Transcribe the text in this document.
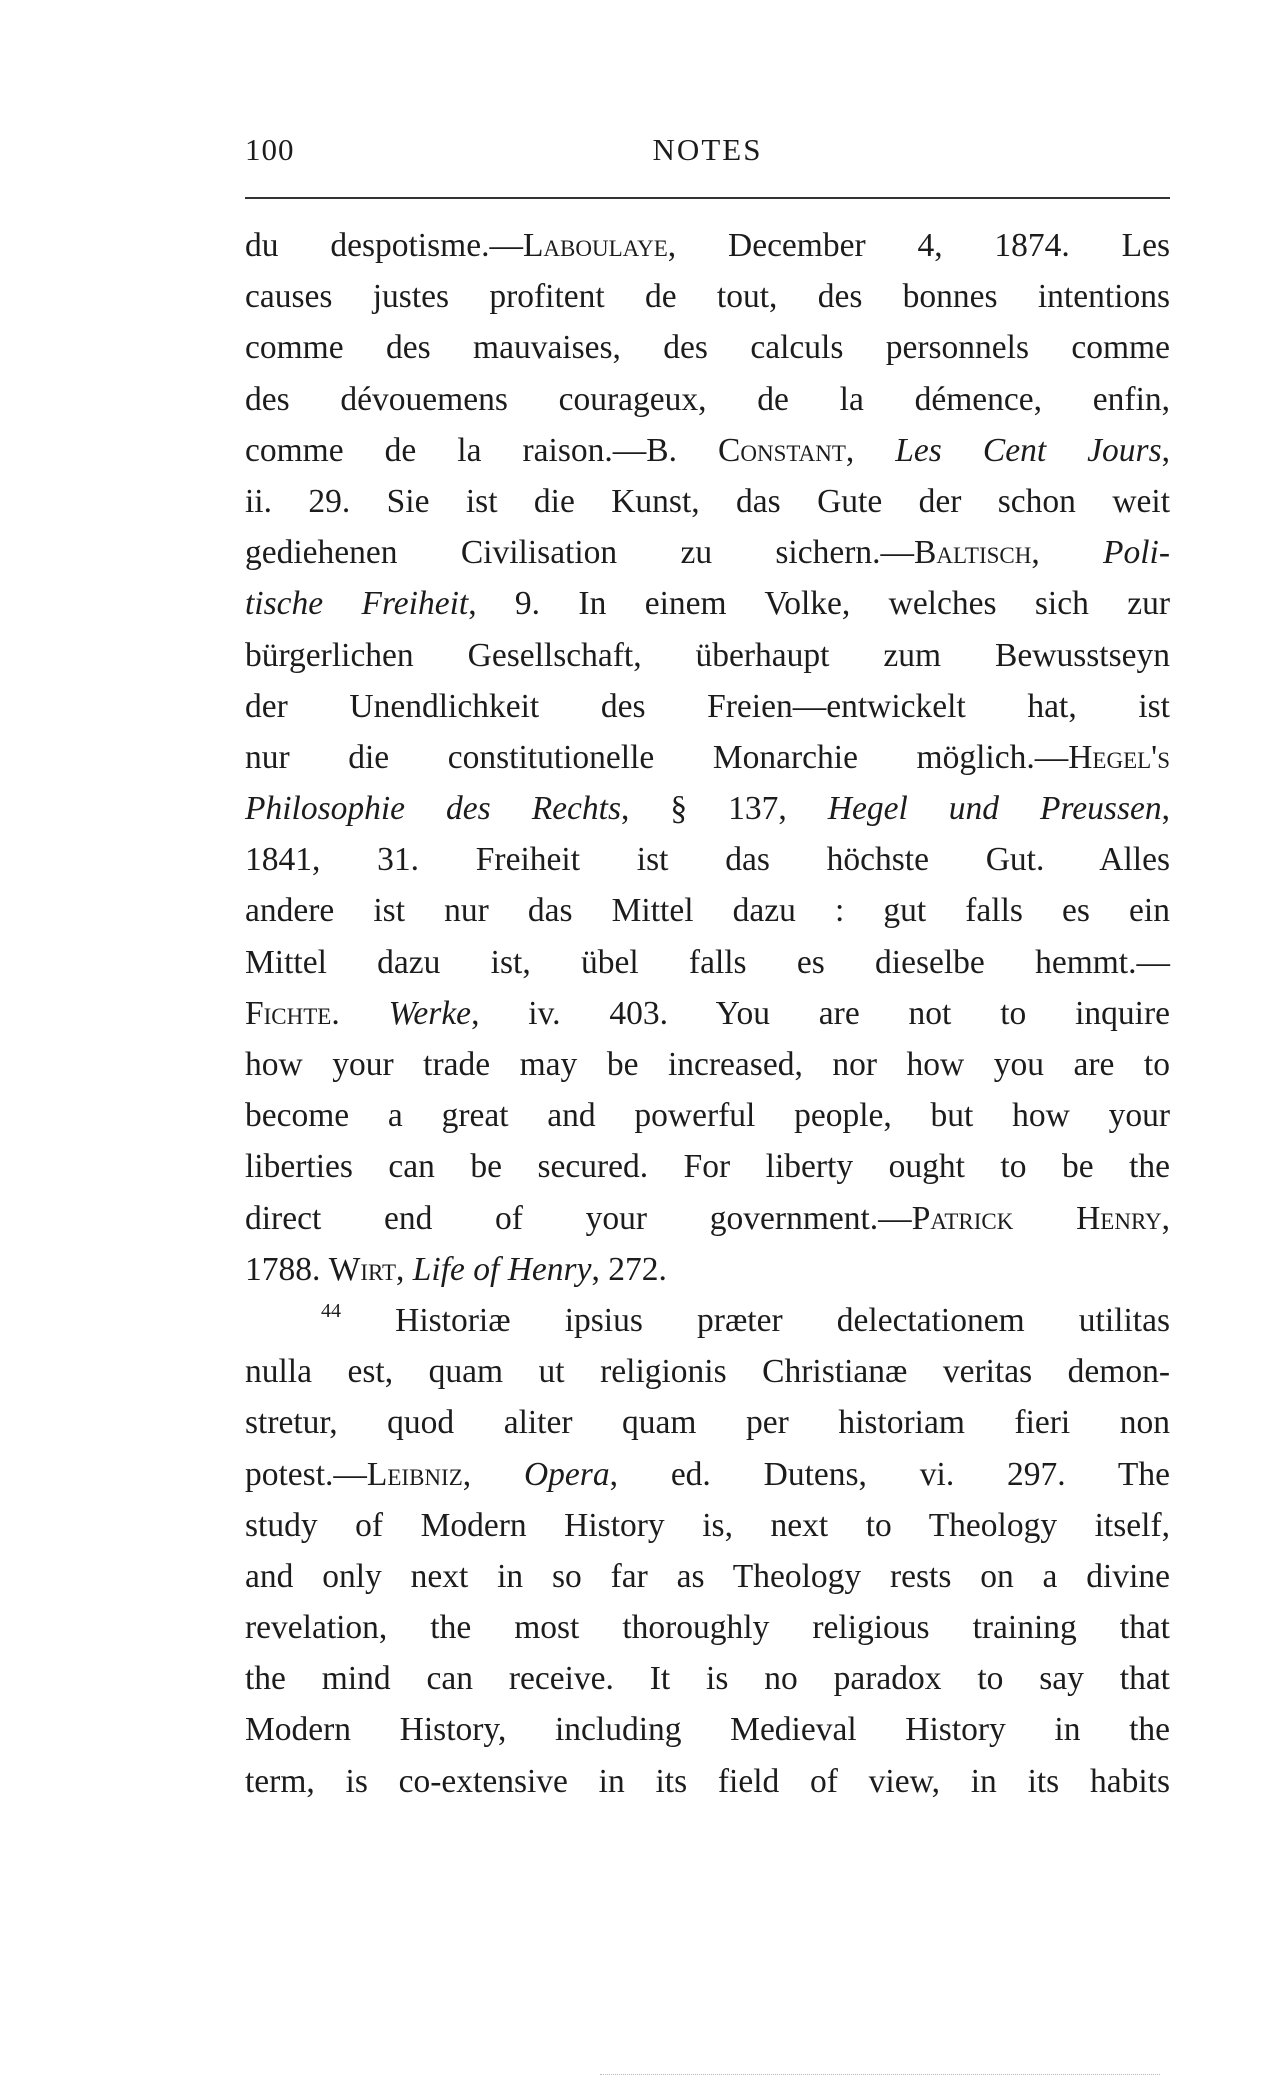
100	NOTES
du despotisme.—Laboulaye, December 4, 1874. Les
causes justes profitent de tout, des bonnes intentions
comme des mauvaises, des calculs personnels comme
des dévouemens courageux, de la démence, enfin,
comme de la raison.—B. Constant, Les Cent Jours,
ii. 29. Sie ist die Kunst, das Gute der schon weit
gediehenen Civilisation zu sichern.—Baltisch, Poli-
tische Freiheit, 9. In einem Volke, welches sich zur
bürgerlichen Gesellschaft, überhaupt zum Bewusstseyn
der Unendlichkeit des Freien—entwickelt hat, ist
nur die constitutionelle Monarchie möglich.—Hegel's
Philosophie des Rechts, § 137, Hegel und Preussen,
1841, 31. Freiheit ist das höchste Gut. Alles
andere ist nur das Mittel dazu : gut falls es ein
Mittel dazu ist, übel falls es dieselbe hemmt.—
Fichte. Werke, iv. 403. You are not to inquire
how your trade may be increased, nor how you are to
become a great and powerful people, but how your
liberties can be secured. For liberty ought to be the
direct end of your government.—Patrick Henry,
1788. Wirt, Life of Henry, 272.
$^{44}$ Historiæ ipsius præter delectationem utilitas
nulla est, quam ut religionis Christianæ veritas demon-
stretur, quod aliter quam per historiam fieri non
potest.—Leibniz, Opera, ed. Dutens, vi. 297. The
study of Modern History is, next to Theology itself,
and only next in so far as Theology rests on a divine
revelation, the most thoroughly religious training that
the mind can receive. It is no paradox to say that
Modern History, including Medieval History in the
term, is co-extensive in its field of view, in its habits
